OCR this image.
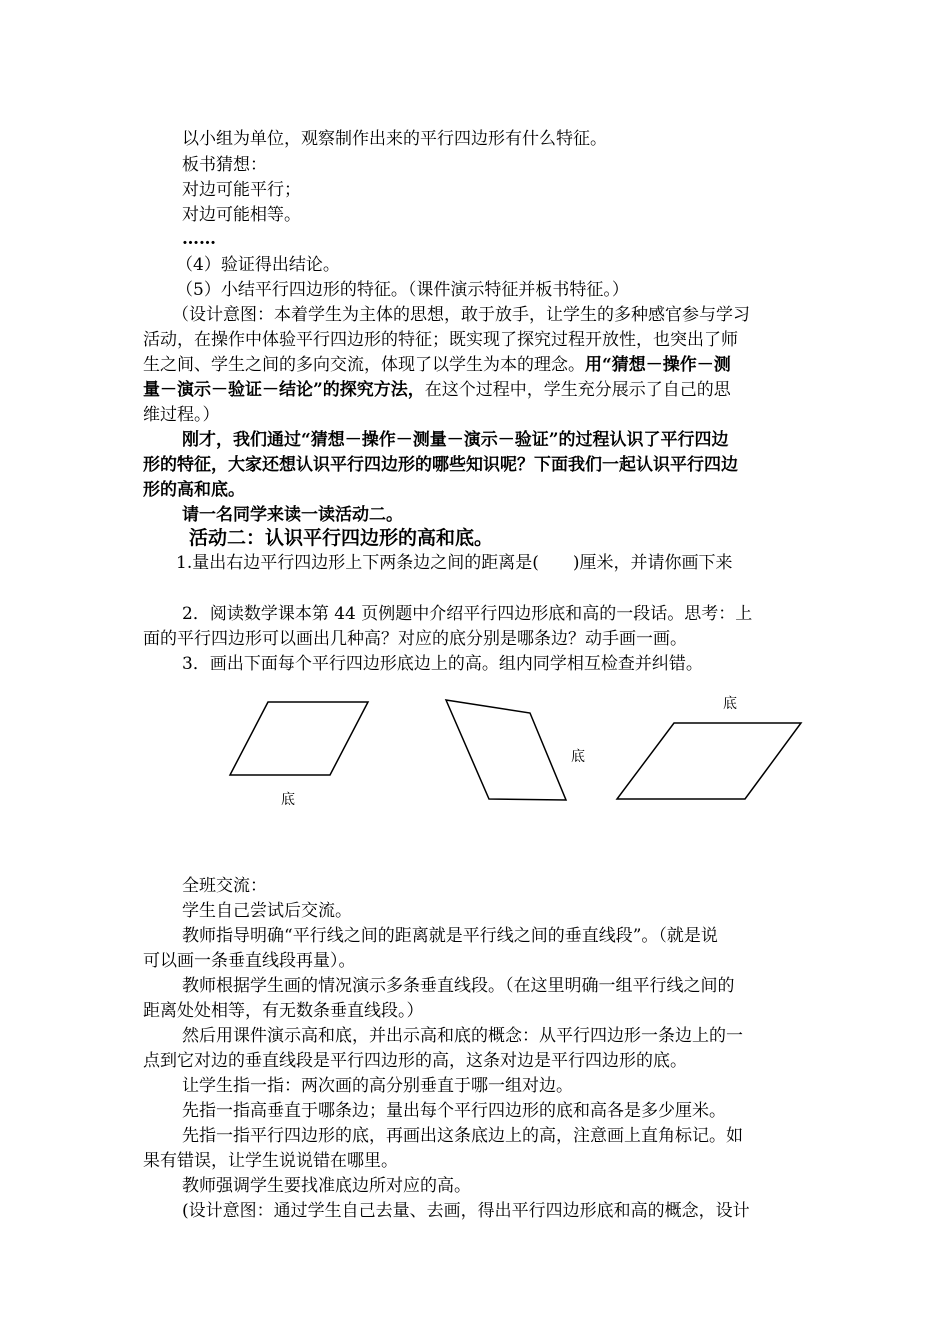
以小组为单位，观察制作出来的平行四边形有什么特征。
板书猜想：
对边可能平行；
对边可能相等。
……
（4）验证得出结论。
（5）小结平行四边形的特征。（课件演示特征并板书特征。）
（设计意图：本着学生为主体的思想，敢于放手，让学生的多种感官参与学习
活动，在操作中体验平行四边形的特征；既实现了探究过程开放性，也突出了师
生之间、学生之间的多向交流，体现了以学生为本的理念。用“猜想－操作－测
量－演示－验证－结论”的探究方法，在这个过程中，学生充分展示了自己的思
维过程。）
刚才，我们通过“猜想－操作－测量－演示－验证”的过程认识了平行四边
形的特征，大家还想认识平行四边形的哪些知识呢？下面我们一起认识平行四边
形的高和底。
请一名同学来读一读活动二。
活动二：认识平行四边形的高和底。
1.量出右边平行四边形上下两条边之间的距离是(　　)厘米，并请你画下来
2．阅读数学课本第 44 页例题中介绍平行四边形底和高的一段话。思考：上
面的平行四边形可以画出几种高？对应的底分别是哪条边？动手画一画。
3．画出下面每个平行四边形底边上的高。组内同学相互检查并纠错。
底
底
底
全班交流：
学生自己尝试后交流。
教师指导明确“平行线之间的距离就是平行线之间的垂直线段”。（就是说
可以画一条垂直线段再量）。
教师根据学生画的情况演示多条垂直线段。（在这里明确一组平行线之间的
距离处处相等，有无数条垂直线段。）
然后用课件演示高和底，并出示高和底的概念：从平行四边形一条边上的一
点到它对边的垂直线段是平行四边形的高，这条对边是平行四边形的底。
让学生指一指：两次画的高分别垂直于哪一组对边。
先指一指高垂直于哪条边；量出每个平行四边形的底和高各是多少厘米。
先指一指平行四边形的底，再画出这条底边上的高，注意画上直角标记。如
果有错误，让学生说说错在哪里。
教师强调学生要找准底边所对应的高。
(设计意图：通过学生自己去量、去画，得出平行四边形底和高的概念，设计
